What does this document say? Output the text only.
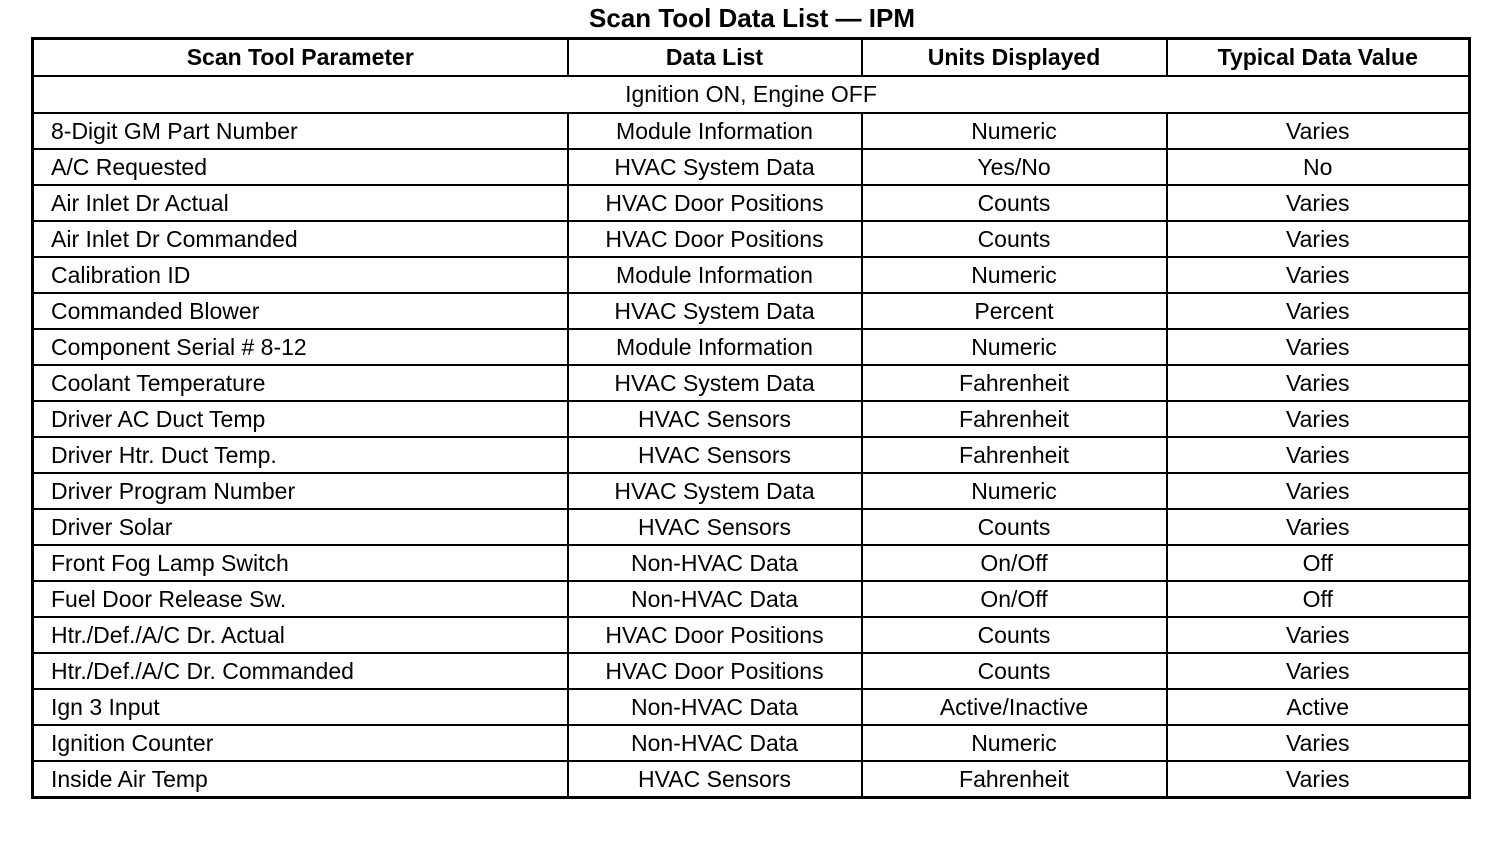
Scan Tool Data List — IPM
Scan Tool Parameter	Data List	Units Displayed	Typical Data Value
Ignition ON, Engine OFF			
8-Digit GM Part Number	Module Information	Numeric	Varies
A/C Requested	HVAC System Data	Yes/No	No
Air Inlet Dr Actual	HVAC Door Positions	Counts	Varies
Air Inlet Dr Commanded	HVAC Door Positions	Counts	Varies
Calibration ID	Module Information	Numeric	Varies
Commanded Blower	HVAC System Data	Percent	Varies
Component Serial # 8-12	Module Information	Numeric	Varies
Coolant Temperature	HVAC System Data	Fahrenheit	Varies
Driver AC Duct Temp	HVAC Sensors	Fahrenheit	Varies
Driver Htr. Duct Temp.	HVAC Sensors	Fahrenheit	Varies
Driver Program Number	HVAC System Data	Numeric	Varies
Driver Solar	HVAC Sensors	Counts	Varies
Front Fog Lamp Switch	Non-HVAC Data	On/Off	Off
Fuel Door Release Sw.	Non-HVAC Data	On/Off	Off
Htr./Def./A/C Dr. Actual	HVAC Door Positions	Counts	Varies
Htr./Def./A/C Dr. Commanded	HVAC Door Positions	Counts	Varies
Ign 3 Input	Non-HVAC Data	Active/Inactive	Active
Ignition Counter	Non-HVAC Data	Numeric	Varies
Inside Air Temp	HVAC Sensors	Fahrenheit	Varies
